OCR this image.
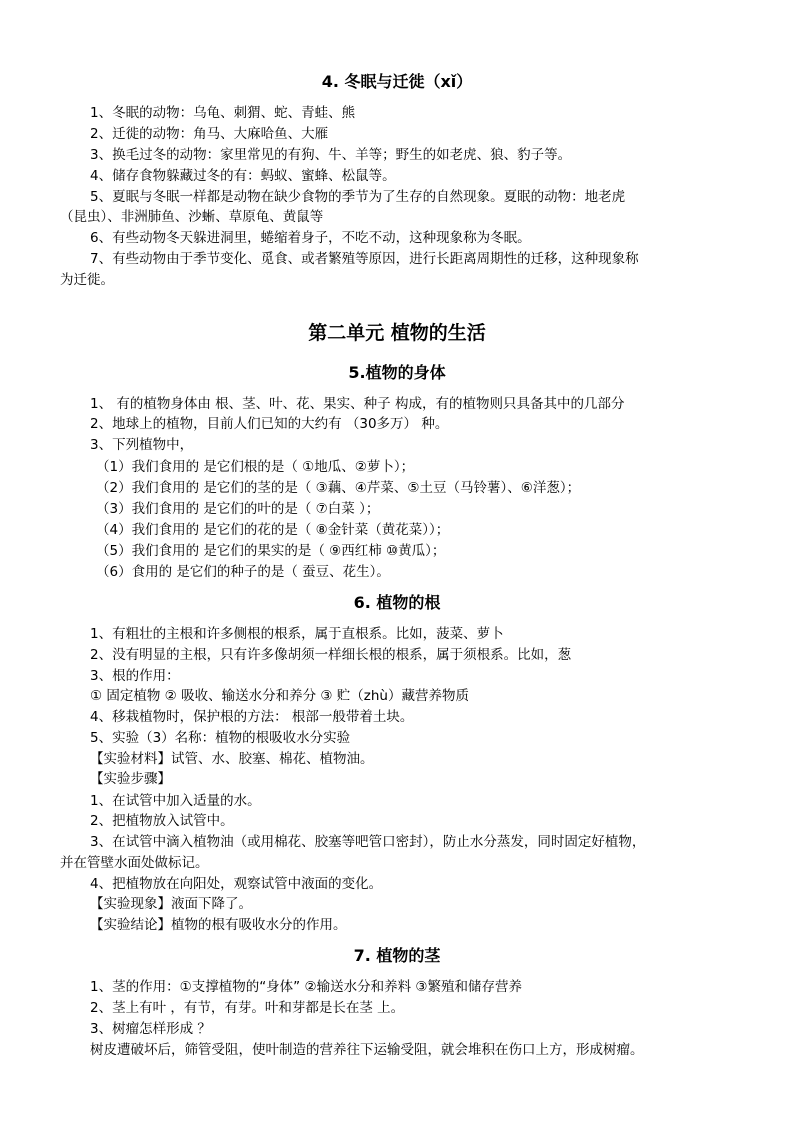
4. 冬眠与迁徙（xǐ）
1、冬眠的动物：乌龟、刺猬、蛇、青蛙、熊
2、迁徙的动物：角马、大麻哈鱼、大雁
3、换毛过冬的动物：家里常见的有狗、牛、羊等；野生的如老虎、狼、豹子等。
4、储存食物躲藏过冬的有：蚂蚁、蜜蜂、松鼠等。
5、夏眠与冬眠一样都是动物在缺少食物的季节为了生存的自然现象。夏眠的动物：地老虎
（昆虫）、非洲肺鱼、沙蜥、草原龟、黄鼠等
6、有些动物冬天躲进洞里，蜷缩着身子，不吃不动，这种现象称为冬眠。
7、有些动物由于季节变化、觅食、或者繁殖等原因，进行长距离周期性的迁移，这种现象称
为迁徙。
第二单元 植物的生活
5.植物的身体
1、 有的植物身体由 根、茎、叶、花、果实、种子 构成，有的植物则只具备其中的几部分
2、地球上的植物，目前人们已知的大约有 （30多万） 种。
3、下列植物中，
（1）我们食用的 是它们根的是（ ①地瓜、②萝卜）；
（2）我们食用的 是它们的茎的是（ ③藕、④芹菜、⑤土豆（马铃薯）、⑥洋葱）；
（3）我们食用的 是它们的叶的是（ ⑦白菜 ）；
（4）我们食用的 是它们的花的是（ ⑧金针菜（黄花菜））；
（5）我们食用的 是它们的果实的是（ ⑨西红柿 ⑩黄瓜）；
（6）食用的 是它们的种子的是（ 蚕豆、花生）。
6. 植物的根
1、有粗壮的主根和许多侧根的根系，属于直根系。比如，菠菜、萝卜
2、没有明显的主根，只有许多像胡须一样细长根的根系，属于须根系。比如，葱
3、根的作用：
① 固定植物 ② 吸收、输送水分和养分 ③ 贮（zhù）藏营养物质
4、移栽植物时，保护根的方法： 根部一般带着土块。
5、实验（3）名称：植物的根吸收水分实验
【实验材料】试管、水、胶塞、棉花、植物油。
【实验步骤】
1、在试管中加入适量的水。
2、把植物放入试管中。
3、在试管中滴入植物油（或用棉花、胶塞等吧管口密封），防止水分蒸发，同时固定好植物，
并在管壁水面处做标记。
4、把植物放在向阳处，观察试管中液面的变化。
【实验现象】液面下降了。
【实验结论】植物的根有吸收水分的作用。
7. 植物的茎
1、茎的作用：①支撑植物的“身体” ②输送水分和养料 ③繁殖和储存营养
2、茎上有叶 ，有节，有芽。叶和芽都是长在茎 上。
3、树瘤怎样形成 ？
树皮遭破坏后，筛管受阻，使叶制造的营养往下运输受阻，就会堆积在伤口上方，形成树瘤。
